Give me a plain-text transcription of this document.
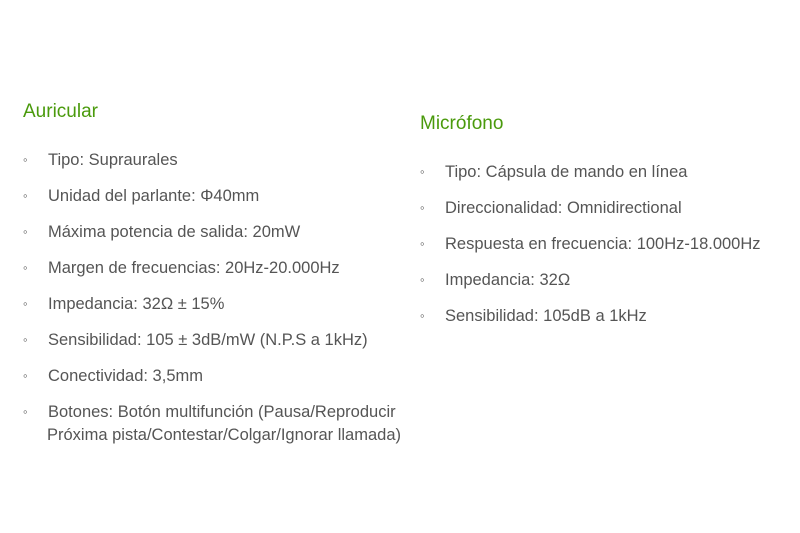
Auricular
◦ Tipo: Supraurales
◦ Unidad del parlante: Φ40mm
◦ Máxima potencia de salida: 20mW
◦ Margen de frecuencias: 20Hz-20.000Hz
◦ Impedancia: 32Ω ± 15%
◦ Sensibilidad: 105 ± 3dB/mW (N.P.S a 1kHz)
◦ Conectividad: 3,5mm
◦ Botones: Botón multifunción (Pausa/Reproducir
Próxima pista/Contestar/Colgar/Ignorar llamada)
Micrófono
◦ Tipo: Cápsula de mando en línea
◦ Direccionalidad: Omnidirectional
◦ Respuesta en frecuencia: 100Hz-18.000Hz
◦ Impedancia: 32Ω
◦ Sensibilidad: 105dB a 1kHz
